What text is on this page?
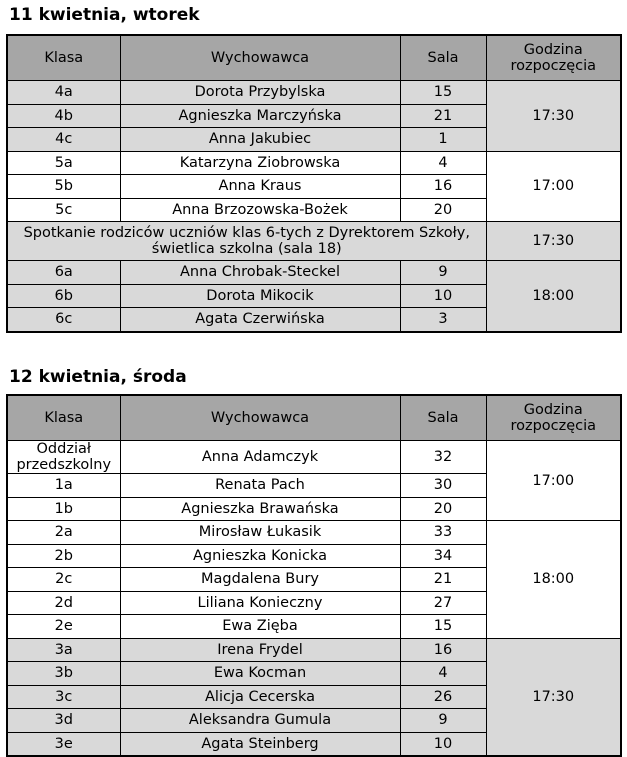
11 kwietnia, wtorek
Klasa	Wychowawca	Sala	Godzina rozpoczęcia
4a	Dorota Przybylska	15	17:30
4b	Agnieszka Marczyńska	21	
4c	Anna Jakubiec	1	
5a	Katarzyna Ziobrowska	4	17:00
5b	Anna Kraus	16	
5c	Anna Brzozowska-Bożek	20	
Spotkanie rodziców uczniów klas 6-tych z Dyrektorem Szkoły, świetlica szkolna (sala 18)			17:30
6a	Anna Chrobak-Steckel	9	18:00
6b	Dorota Mikocik	10	
6c	Agata Czerwińska	3	
12 kwietnia, środa
Klasa	Wychowawca	Sala	Godzina rozpoczęcia
Oddział przedszkolny	Anna Adamczyk	32	17:00
1a	Renata Pach	30	
1b	Agnieszka Brawańska	20	
2a	Mirosław Łukasik	33	18:00
2b	Agnieszka Konicka	34	
2c	Magdalena Bury	21	
2d	Liliana Konieczny	27	
2e	Ewa Zięba	15	
3a	Irena Frydel	16	17:30
3b	Ewa Kocman	4	
3c	Alicja Cecerska	26	
3d	Aleksandra Gumula	9	
3e	Agata Steinberg	10	
